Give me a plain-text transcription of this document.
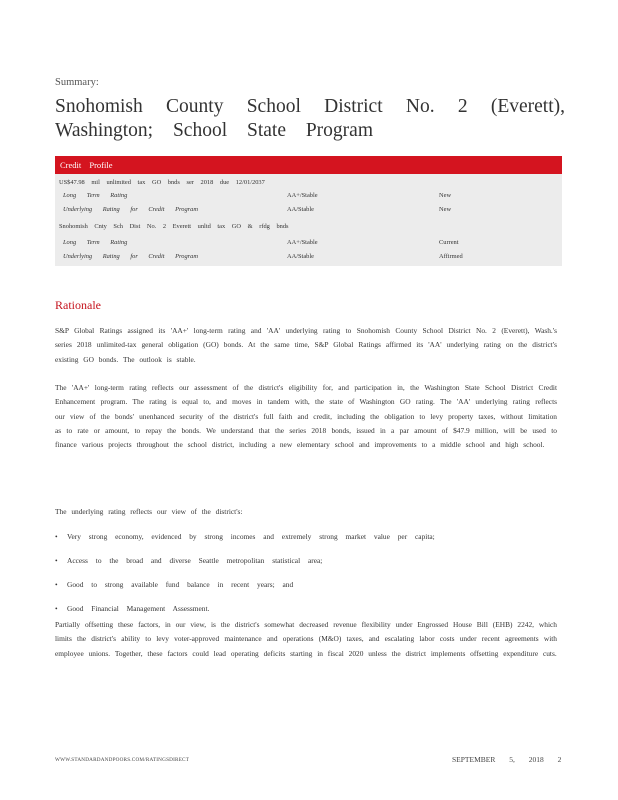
Summary:
Snohomish County School District No. 2 (Everett),

Washington; School State Program
Credit Profile
US$47.98 mil unlimited tax GO bnds ser 2018 due 12/01/2037
Long Term Rating	AA+/Stable	New
Underlying Rating for Credit Program	AA/Stable	New
Snohomish Cnty Sch Dist No. 2 Everett unltd tax GO & rfdg bnds
Long Term Rating	AA+/Stable	Current
Underlying Rating for Credit Program	AA/Stable	Affirmed
Rationale

S&P Global Ratings assigned its 'AA+' long-term rating and 'AA' underlying rating to Snohomish County School District No. 2 (Everett), Wash.'s series 2018 unlimited-tax general obligation (GO) bonds. At the same time, S&P Global Ratings affirmed its 'AA' underlying rating on the district's existing GO bonds. The outlook is stable.

The 'AA+' long-term rating reflects our assessment of the district's eligibility for, and participation in, the Washington State School District Credit Enhancement program. The rating is equal to, and moves in tandem with, the state of Washington GO rating. The 'AA' underlying rating reflects our view of the bonds' unenhanced security of the district's full faith and credit, including the obligation to levy property taxes, without limitation as to rate or amount, to repay the bonds. We understand that the series 2018 bonds, issued in a par amount of $47.9 million, will be used to finance various projects throughout the school district, including a new elementary school and improvements to a middle school and high school.

The underlying rating reflects our view of the district's:

• Very strong economy, evidenced by strong incomes and extremely strong market value per capita;
• Access to the broad and diverse Seattle metropolitan statistical area;
• Good to strong available fund balance in recent years; and
• Good Financial Management Assessment.

Partially offsetting these factors, in our view, is the district's somewhat decreased revenue flexibility under Engrossed House Bill (EHB) 2242, which limits the district's ability to levy voter-approved maintenance and operations (M&O) taxes, and escalating labor costs under recent agreements with employee unions. Together, these factors could lead operating deficits starting in fiscal 2020 unless the district implements offsetting expenditure cuts.

WWW.STANDARDANDPOORS.COM/RATINGSDIRECT	SEPTEMBER 5, 2018 2
